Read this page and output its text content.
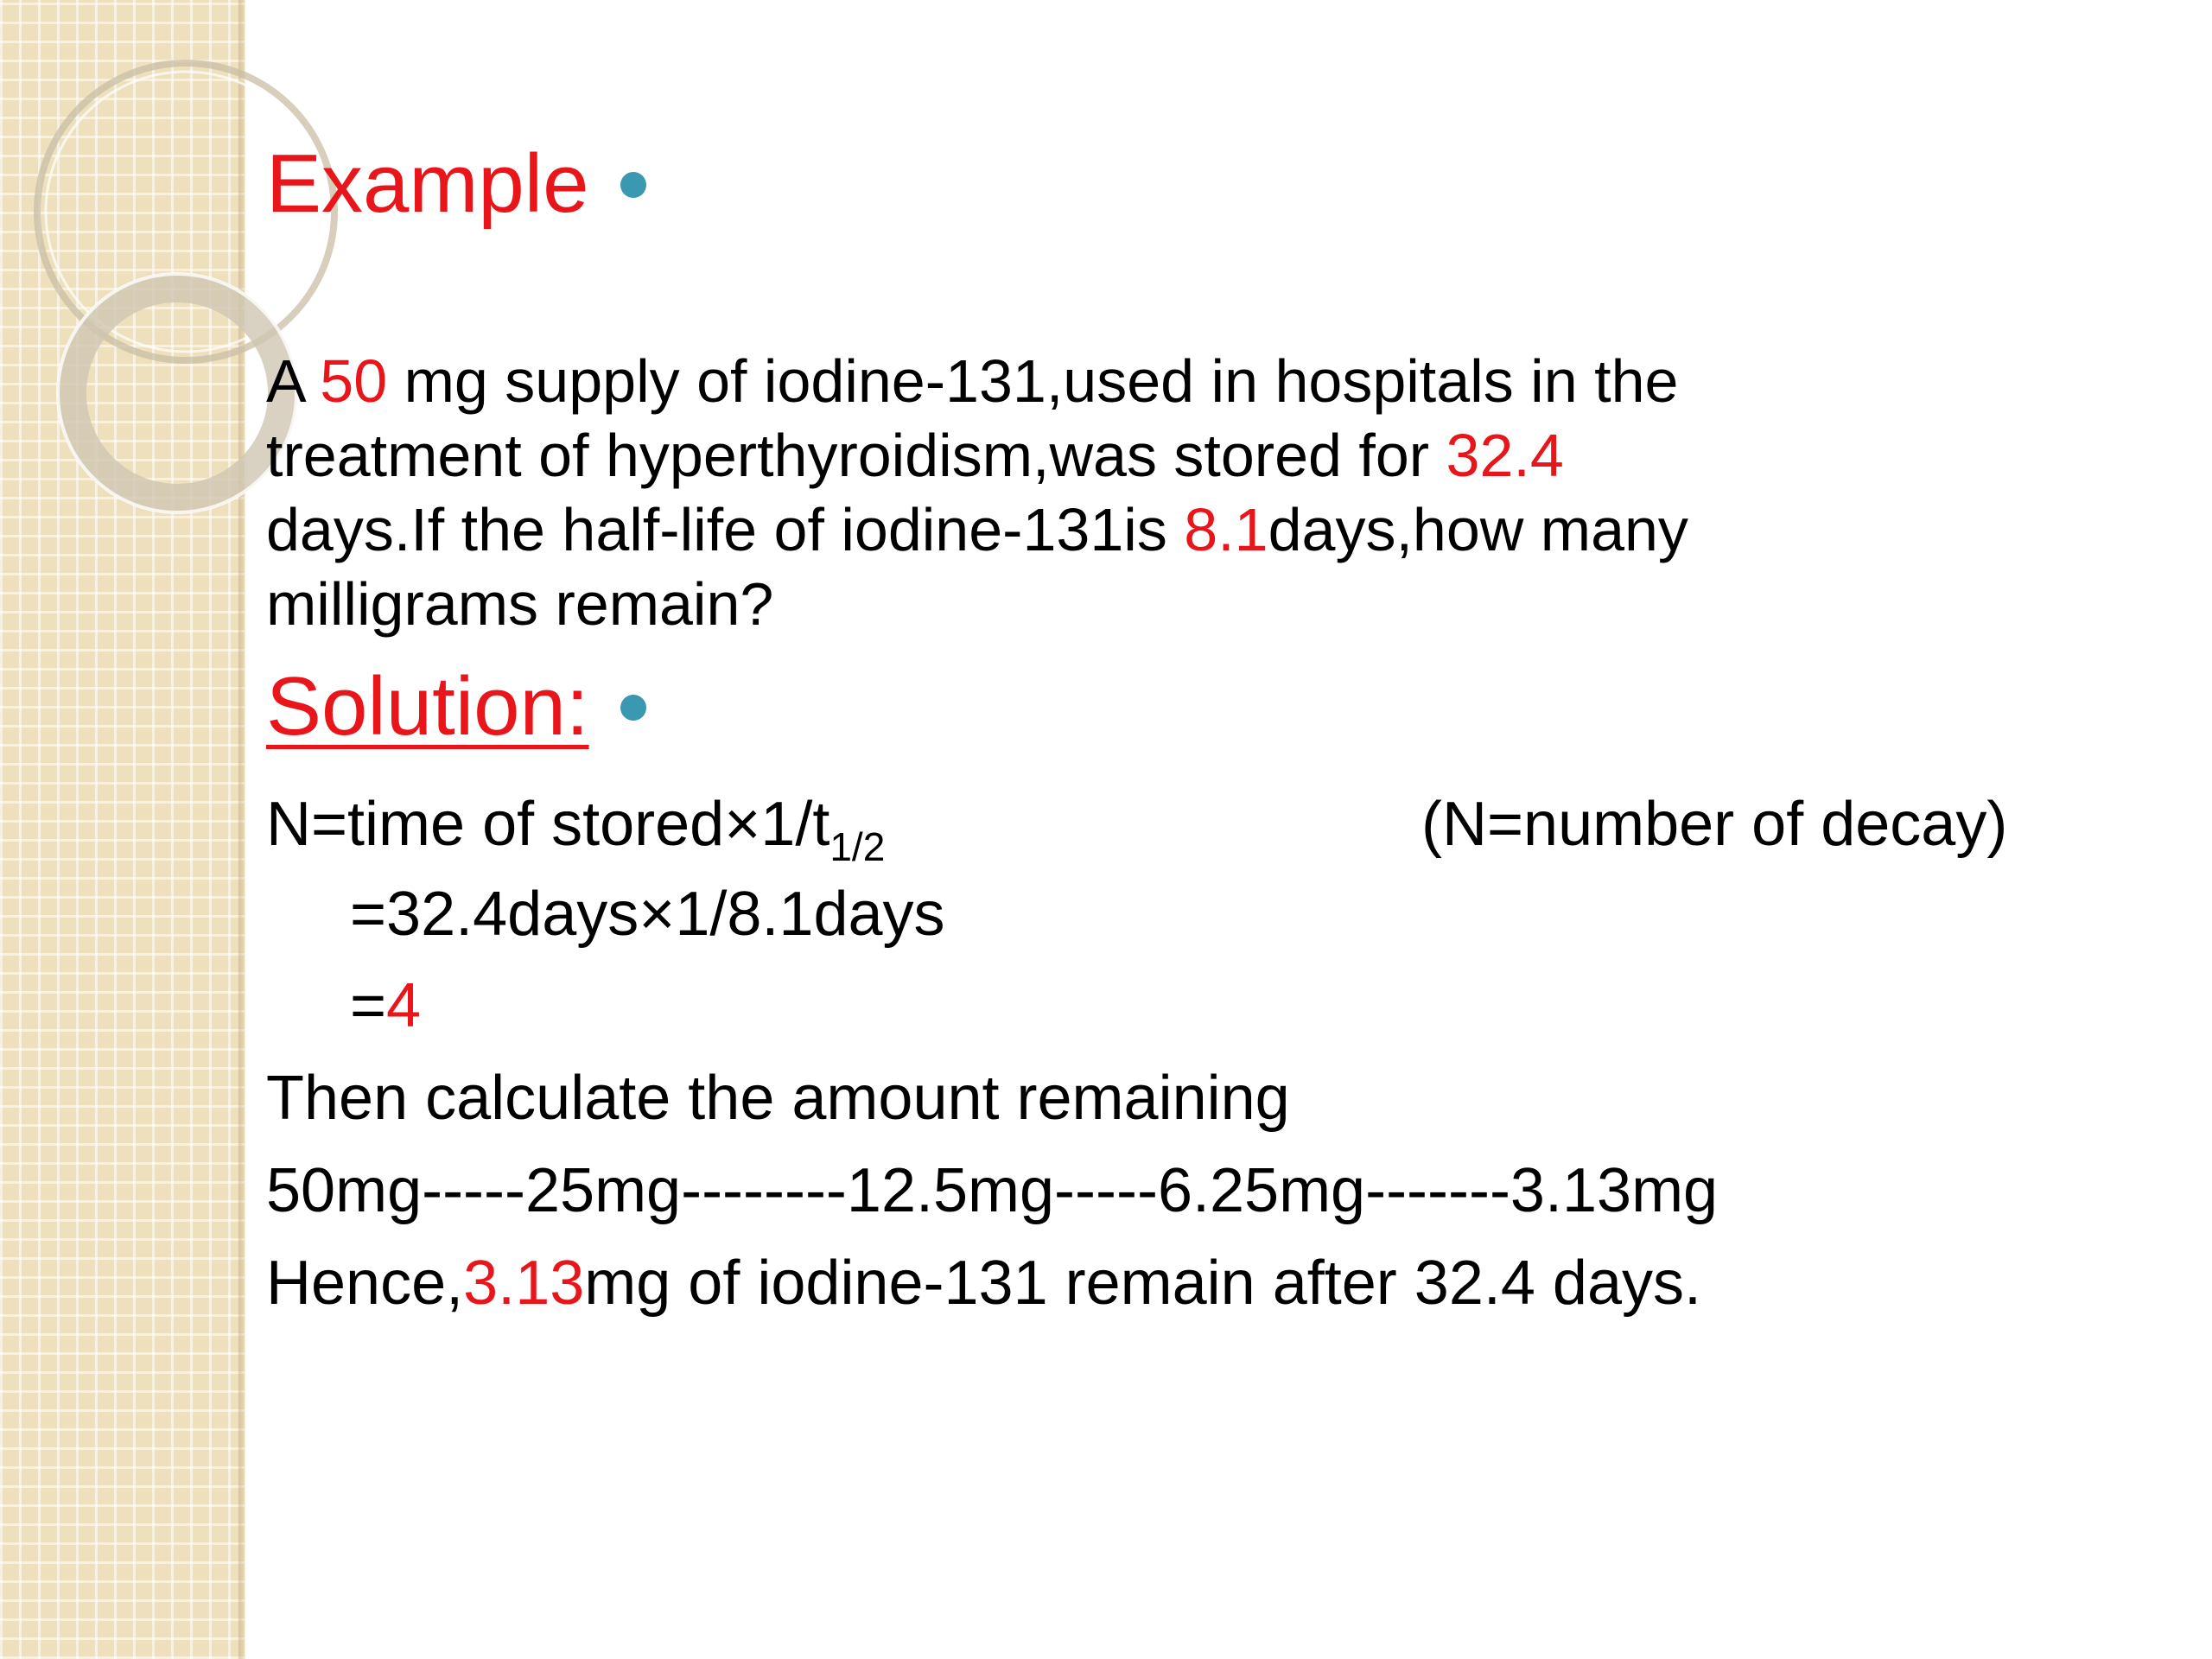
Example
A 50 mg supply of iodine-131,used in hospitals in the
treatment of hyperthyroidism,was stored for 32.4
days.If the half-life of iodine-131is 8.1days,how many
milligrams remain?
Solution:
N=time of $stored\times 1/t_{1/2}$	(N=number of decay)
=32.4days×1/8.1days
=4
Then calculate the amount remaining
50mg-----25mg--------12.5mg-----6.25mg-------3.13mg
Hence,3.13mg of iodine-131 remain after 32.4 days.
